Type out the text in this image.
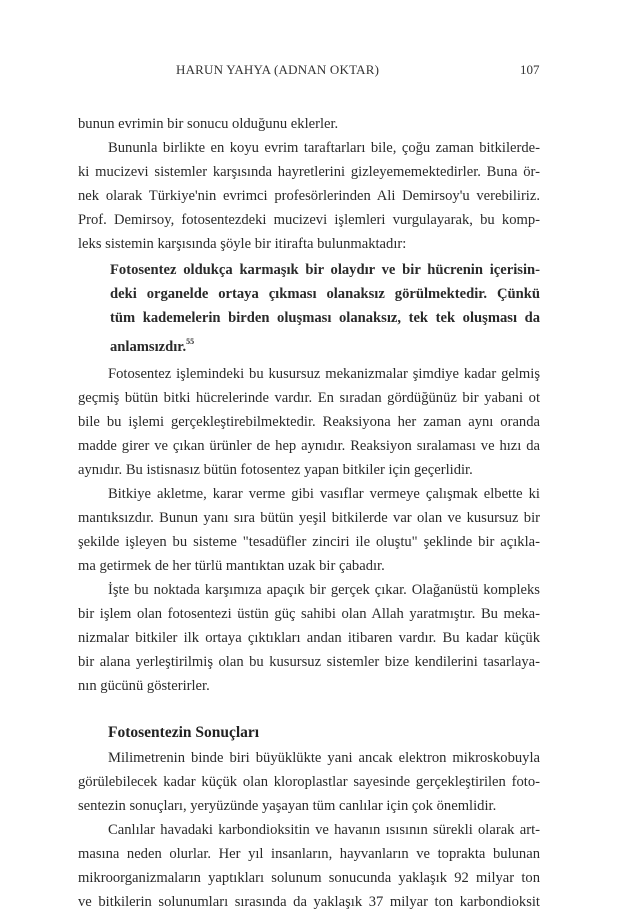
HARUN YAHYA (ADNAN OKTAR)	107
bunun evrimin bir sonucu olduğunu eklerler.
Bununla birlikte en koyu evrim taraftarları bile, çoğu zaman bitkilerde-
ki mucizevi sistemler karşısında hayretlerini gizleyememektedirler. Buna ör-
nek olarak Türkiye'nin evrimci profesörlerinden Ali Demirsoy'u verebiliriz.
Prof. Demirsoy, fotosentezdeki mucizevi işlemleri vurgulayarak, bu komp-
leks sistemin karşısında şöyle bir itirafta bulunmaktadır:
Fotosentez oldukça karmaşık bir olaydır ve bir hücrenin içerisin-
deki organelde ortaya çıkması olanaksız görülmektedir. Çünkü
tüm kademelerin birden oluşması olanaksız, tek tek oluşması da
anlamsızdır.$^{55}$
Fotosentez işlemindeki bu kusursuz mekanizmalar şimdiye kadar gelmiş
geçmiş bütün bitki hücrelerinde vardır. En sıradan gördüğünüz bir yabani ot
bile bu işlemi gerçekleştirebilmektedir. Reaksiyona her zaman aynı oranda
madde girer ve çıkan ürünler de hep aynıdır. Reaksiyon sıralaması ve hızı da
aynıdır. Bu istisnasız bütün fotosentez yapan bitkiler için geçerlidir.
Bitkiye akletme, karar verme gibi vasıflar vermeye çalışmak elbette ki
mantıksızdır. Bunun yanı sıra bütün yeşil bitkilerde var olan ve kusursuz bir
şekilde işleyen bu sisteme "tesadüfler zinciri ile oluştu" şeklinde bir açıkla-
ma getirmek de her türlü mantıktan uzak bir çabadır.
İşte bu noktada karşımıza apaçık bir gerçek çıkar. Olağanüstü kompleks
bir işlem olan fotosentezi üstün güç sahibi olan Allah yaratmıştır. Bu meka-
nizmalar bitkiler ilk ortaya çıktıkları andan itibaren vardır. Bu kadar küçük
bir alana yerleştirilmiş olan bu kusursuz sistemler bize kendilerini tasarlaya-
nın gücünü gösterirler.
Fotosentezin Sonuçları
Milimetrenin binde biri büyüklükte yani ancak elektron mikroskobuyla
görülebilecek kadar küçük olan kloroplastlar sayesinde gerçekleştirilen foto-
sentezin sonuçları, yeryüzünde yaşayan tüm canlılar için çok önemlidir.
Canlılar havadaki karbondioksitin ve havanın ısısının sürekli olarak art-
masına neden olurlar. Her yıl insanların, hayvanların ve toprakta bulunan
mikroorganizmaların yaptıkları solunum sonucunda yaklaşık 92 milyar ton
ve bitkilerin solunumları sırasında da yaklaşık 37 milyar ton karbondioksit
